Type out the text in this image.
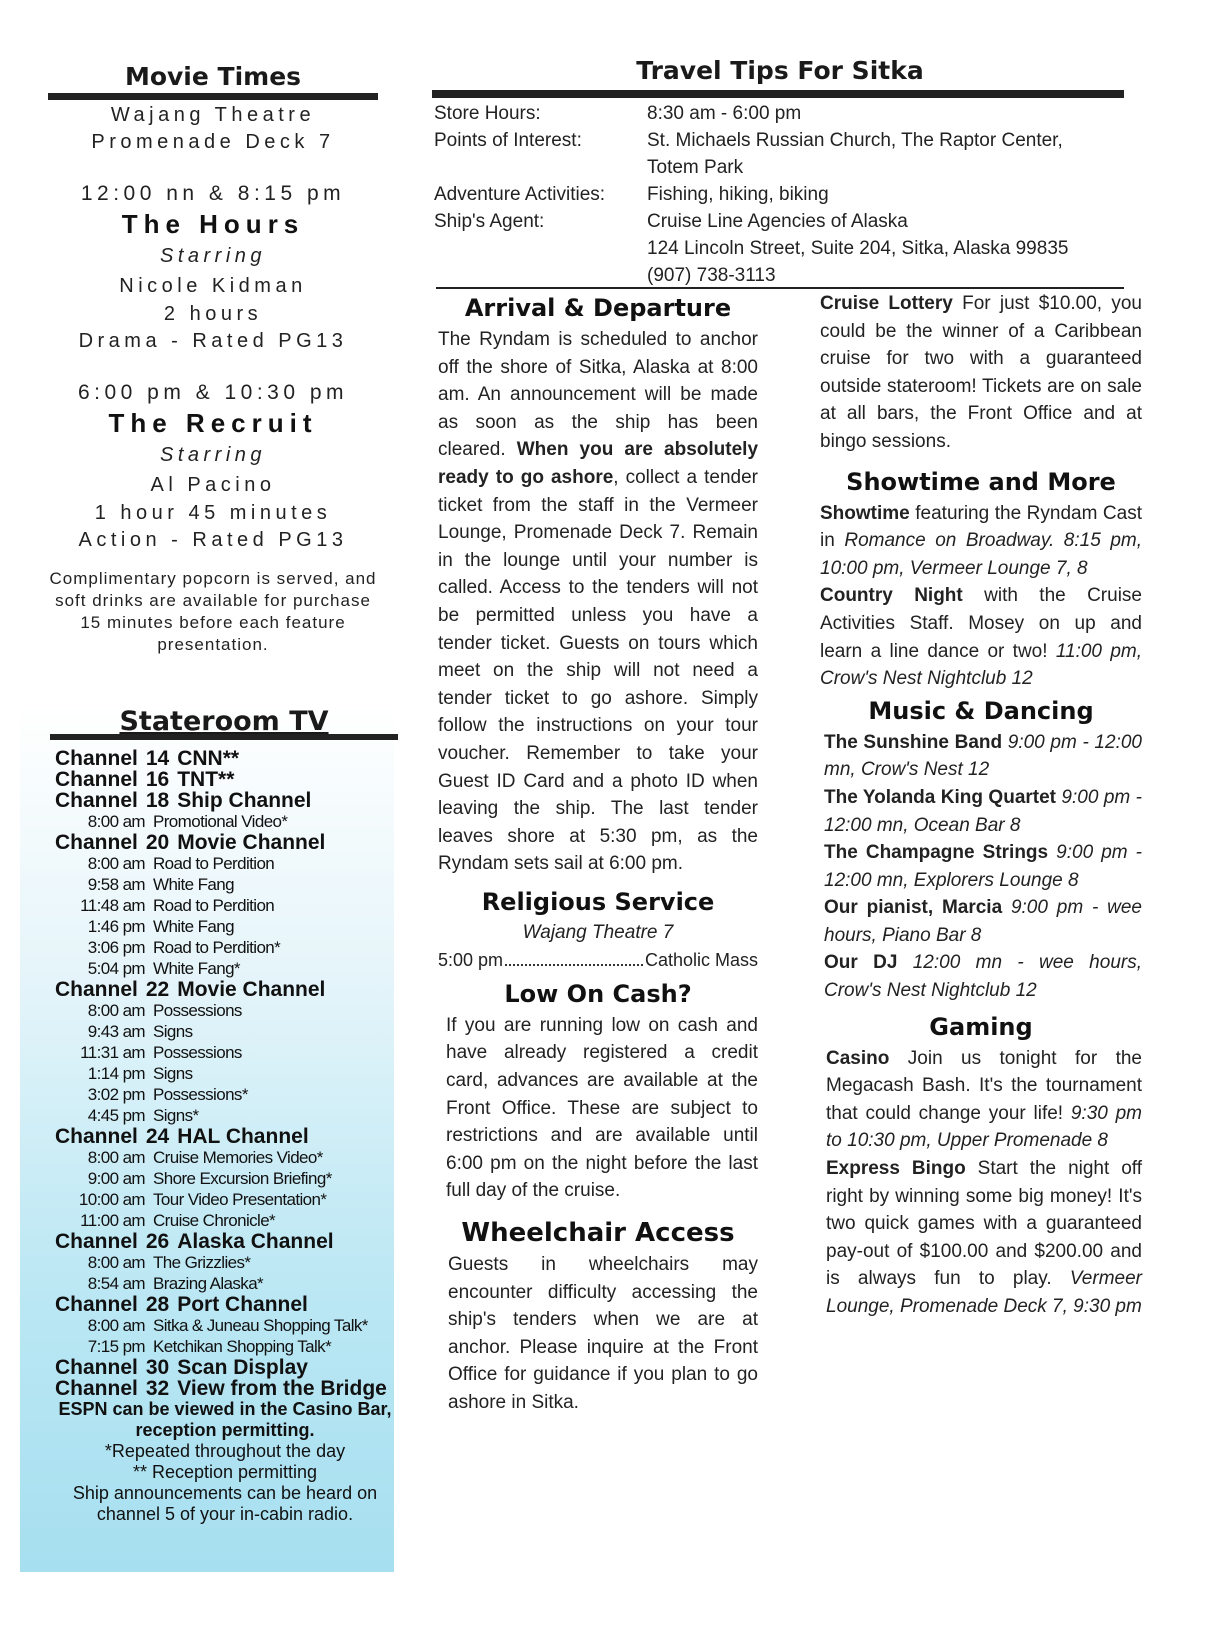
Movie Times

Wajang Theatre

Promenade Deck 7

12:00 nn & 8:15 pm

The Hours

Starring

Nicole Kidman

2 hours

Drama - Rated PG13

6:00 pm & 10:30 pm

The Recruit

Starring

Al Pacino

1 hour 45 minutes

Action - Rated PG13

Complimentary popcorn is served, and soft drinks are available for purchase 15 minutes before each feature presentation.

Stateroom TV
Channel 14 CNN**
Channel 16 TNT**
Channel 18 Ship Channel
8:00 am Promotional Video*
Channel 20 Movie Channel
8:00 am Road to Perdition
9:58 am White Fang
11:48 am Road to Perdition
1:46 pm White Fang
3:06 pm Road to Perdition*
5:04 pm White Fang*
Channel 22 Movie Channel
8:00 am Possessions
9:43 am Signs
11:31 am Possessions
1:14 pm Signs
3:02 pm Possessions*
4:45 pm Signs*
Channel 24 HAL Channel
8:00 am Cruise Memories Video*
9:00 am Shore Excursion Briefing*
10:00 am Tour Video Presentation*
11:00 am Cruise Chronicle*
Channel 26 Alaska Channel
8:00 am The Grizzlies*
8:54 am Brazing Alaska*
Channel 28 Port Channel
8:00 am Sitka & Juneau Shopping Talk*
7:15 pm Ketchikan Shopping Talk*
Channel 30 Scan Display
Channel 32 View from the Bridge
ESPN can be viewed in the Casino Bar, reception permitting.
*Repeated throughout the day
** Reception permitting
Ship announcements can be heard on channel 5 of your in-cabin radio.
Travel Tips For Sitka
Store Hours:	8:30 am - 6:00 pm
Points of Interest:	St. Michaels Russian Church, The Raptor Center, Totem Park
Adventure Activities:	Fishing, hiking, biking
Ship's Agent:	Cruise Line Agencies of Alaska
124 Lincoln Street, Suite 204, Sitka, Alaska 99835
(907) 738-3113
Arrival & Departure

The Ryndam is scheduled to anchor off the shore of Sitka, Alaska at 8:00 am. An announcement will be made as soon as the ship has been cleared. When you are absolutely ready to go ashore, collect a tender ticket from the staff in the Vermeer Lounge, Promenade Deck 7. Remain in the lounge until your number is called. Access to the tenders will not be permitted unless you have a tender ticket. Guests on tours which meet on the ship will not need a tender ticket to go ashore. Simply follow the instructions on your tour voucher. Remember to take your Guest ID Card and a photo ID when leaving the ship. The last tender leaves shore at 5:30 pm, as the Ryndam sets sail at 6:00 pm.

Religious Service

Wajang Theatre 7

5:00 pm	Catholic Mass
Low On Cash?

If you are running low on cash and have already registered a credit card, advances are available at the Front Office. These are subject to restrictions and are available until 6:00 pm on the night before the last full day of the cruise.

Wheelchair Access

Guests in wheelchairs may encounter difficulty accessing the ship's tenders when we are at anchor. Please inquire at the Front Office for guidance if you plan to go ashore in Sitka.

Cruise Lottery For just $10.00, you could be the winner of a Caribbean cruise for two with a guaranteed outside stateroom! Tickets are on sale at all bars, the Front Office and at bingo sessions.

Showtime and More

Showtime featuring the Ryndam Cast in Romance on Broadway. 8:15 pm, 10:00 pm, Vermeer Lounge 7, 8

Country Night with the Cruise Activities Staff. Mosey on up and learn a line dance or two! 11:00 pm, Crow's Nest Nightclub 12

Music & Dancing

The Sunshine Band 9:00 pm - 12:00 mn, Crow's Nest 12

The Yolanda King Quartet 9:00 pm - 12:00 mn, Ocean Bar 8

The Champagne Strings 9:00 pm - 12:00 mn, Explorers Lounge 8

Our pianist, Marcia 9:00 pm - wee hours, Piano Bar 8

Our DJ 12:00 mn - wee hours, Crow's Nest Nightclub 12

Gaming

Casino Join us tonight for the Megacash Bash. It's the tournament that could change your life! 9:30 pm to 10:30 pm, Upper Promenade 8

Express Bingo Start the night off right by winning some big money! It's two quick games with a guaranteed pay-out of $100.00 and $200.00 and is always fun to play. Vermeer Lounge, Promenade Deck 7, 9:30 pm
